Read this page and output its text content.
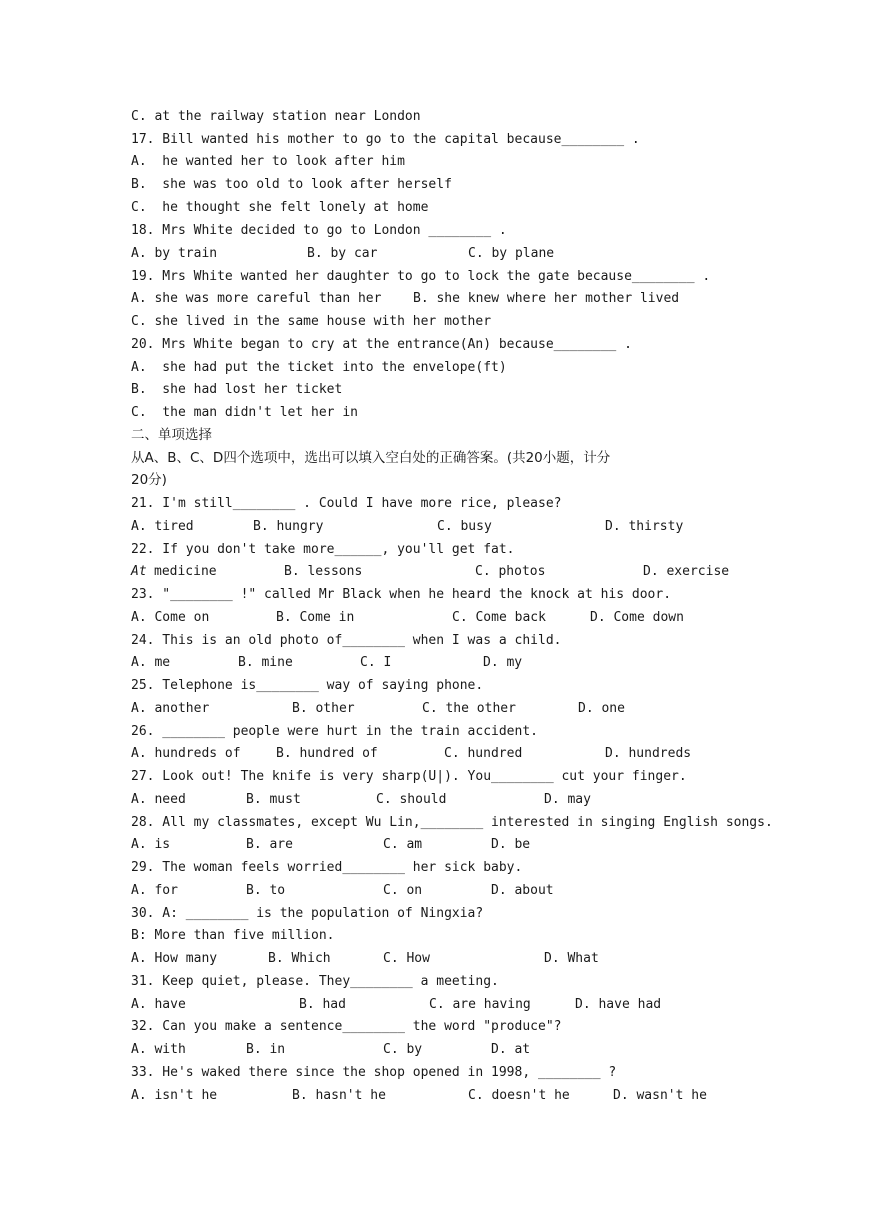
C. at the railway station near London
17. Bill wanted his mother to go to the capital because________ .
A.  he wanted her to look after him
B.  she was too old to look after herself
C.  he thought she felt lonely at home
18. Mrs White decided to go to London ________ .
A. by train	B. by car	C. by plane
19. Mrs White wanted her daughter to go to lock the gate because________ .
A. she was more careful than her B. she knew where her mother lived
C. she lived in the same house with her mother
20. Mrs White began to cry at the entrance(An) because________ .
A.  she had put the ticket into the envelope(ft)
B.  she had lost her ticket
C.  the man didn't let her in
二、单项选择
从A、B、C、D四个选项中，选出可以填入空白处的正确答案。(共20小题，计分
20分)
21. I'm still________ . Could I have more rice, please?
A. tired	B. hungry	C. busy	D. thirsty
22. If you don't take more______, you'll get fat.
At medicine	B. lessons	C. photos	D. exercise
23. "________ !" called Mr Black when he heard the knock at his door.
A. Come on	B. Come in	C. Come back	D. Come down
24. This is an old photo of________ when I was a child.
A. me	B. mine	C. I	D. my
25. Telephone is________ way of saying phone.
A. another	B. other	C. the other	D. one
26. ________ people were hurt in the train accident.
A. hundreds of	B. hundred of	C. hundred	D. hundreds
27. Look out! The knife is very sharp(U|). You________ cut your finger.
A. need	B. must	C. should	D. may
28. All my classmates, except Wu Lin,________ interested in singing English songs.
A. is	B. are	C. am	D. be
29. The woman feels worried________ her sick baby.
A. for	B. to	C. on	D. about
30. A: ________ is the population of Ningxia?
B: More than five million.
A. How many	B. Which	C. How	D. What
31. Keep quiet, please. They________ a meeting.
A. have	B. had	C. are having	D. have had
32. Can you make a sentence________ the word "produce"?
A. with	B. in	C. by	D. at
33. He's waked there since the shop opened in 1998, ________ ?
A. isn't he	B. hasn't he	C. doesn't he	D. wasn't he
